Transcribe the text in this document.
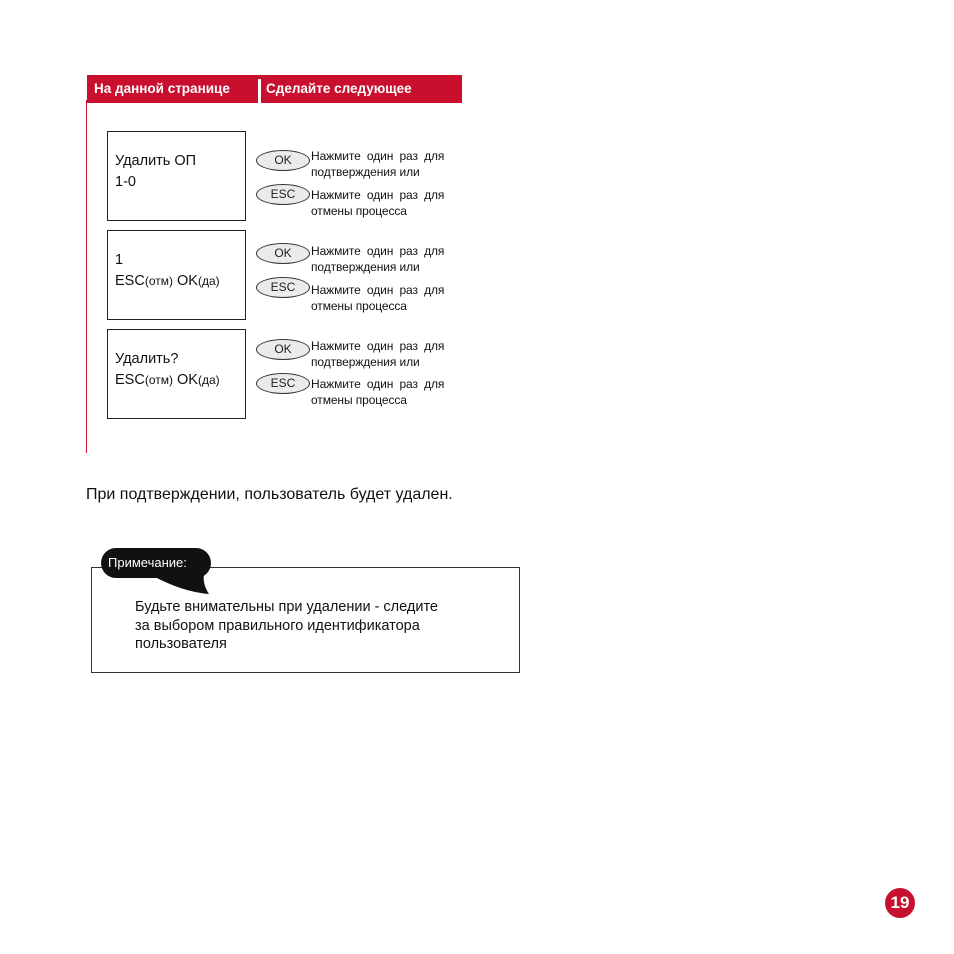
На данной странице	Сделайте следующее
Удалить ОП
1-0
OK	Нажмите один раз для
подтверждения или
ESC	Нажмите один раз для
отмены процесса
1
ESC(отм) OK(да)
OK	Нажмите один раз для
подтверждения или
ESC	Нажмите один раз для
отмены процесса
Удалить?
ESC(отм) OK(да)
OK	Нажмите один раз для
подтверждения или
ESC	Нажмите один раз для
отмены процесса
При подтверждении, пользователь будет удален.
Примечание:
Будьте внимательны при удалении - следите
за выбором правильного идентификатора
пользователя
19
